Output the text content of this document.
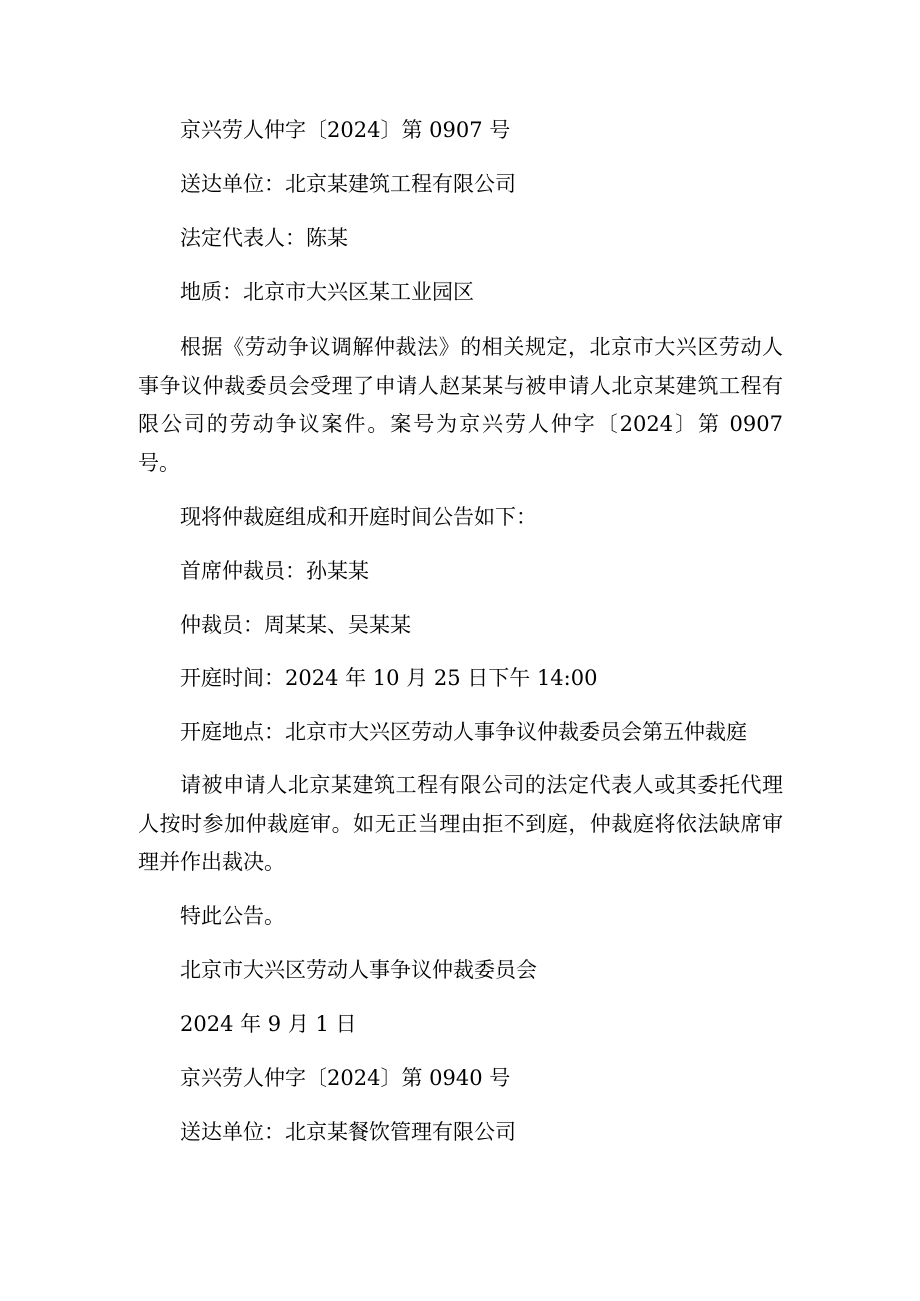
京兴劳人仲字〔2024〕第 0907 号
送达单位：北京某建筑工程有限公司
法定代表人：陈某
地质：北京市大兴区某工业园区
根据《劳动争议调解仲裁法》的相关规定，北京市大兴区劳动人事争议仲裁委员会受理了申请人赵某某与被申请人北京某建筑工程有限公司的劳动争议案件。案号为京兴劳人仲字〔2024〕第 0907 号。
现将仲裁庭组成和开庭时间公告如下：
首席仲裁员：孙某某
仲裁员：周某某、吴某某
开庭时间：2024 年 10 月 25 日下午 14:00
开庭地点：北京市大兴区劳动人事争议仲裁委员会第五仲裁庭
请被申请人北京某建筑工程有限公司的法定代表人或其委托代理人按时参加仲裁庭审。如无正当理由拒不到庭，仲裁庭将依法缺席审理并作出裁决。
特此公告。
北京市大兴区劳动人事争议仲裁委员会
2024 年 9 月 1 日
京兴劳人仲字〔2024〕第 0940 号
送达单位：北京某餐饮管理有限公司
